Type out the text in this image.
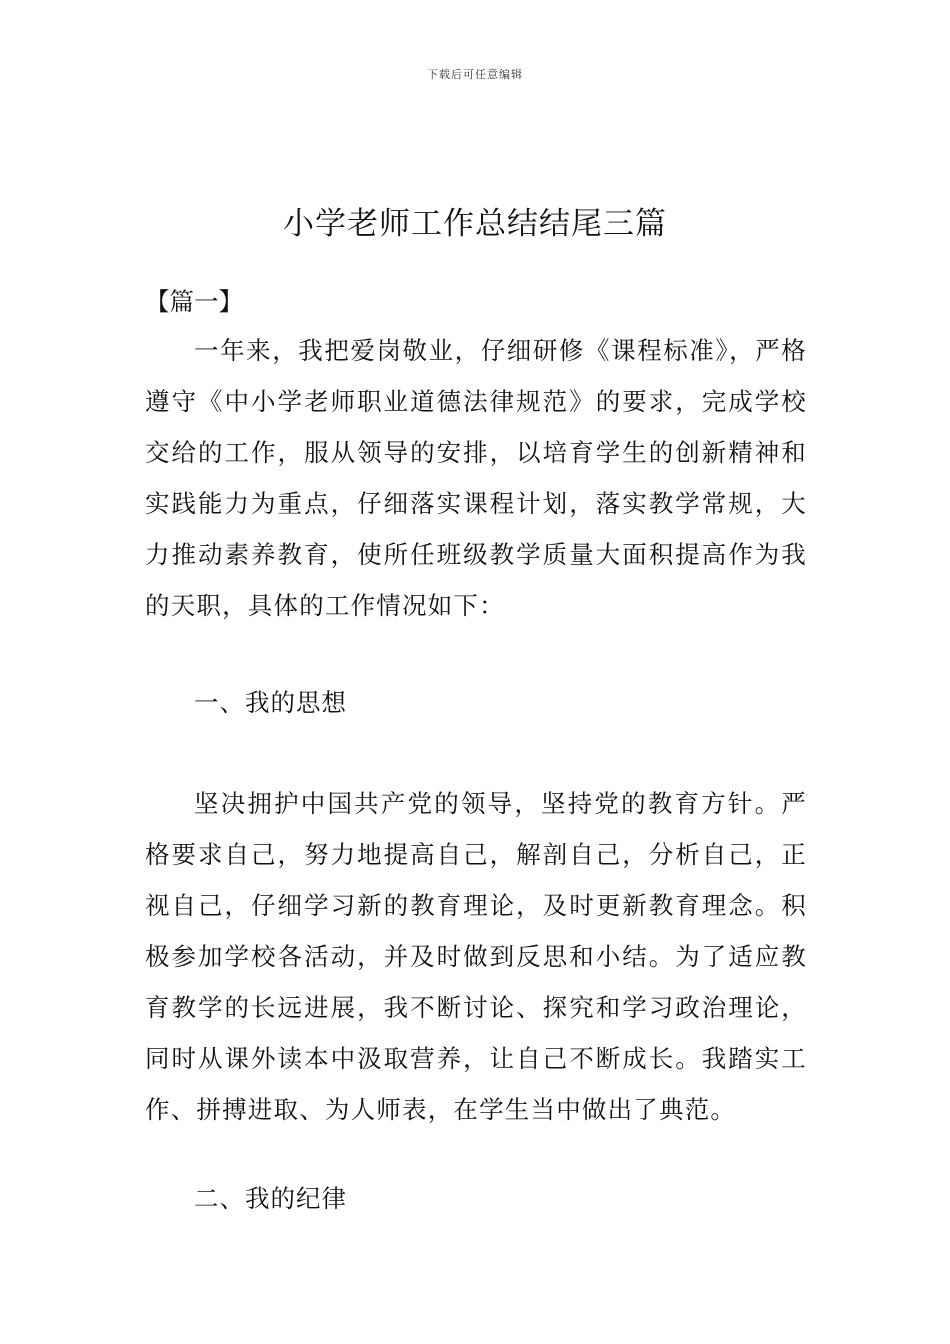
下载后可任意编辑
小学老师工作总结结尾三篇

【篇一】

一年来，我把爱岗敬业，仔细研修《课程标准》，严格遵守《中小学老师职业道德法律规范》的要求，完成学校交给的工作，服从领导的安排，以培育学生的创新精神和实践能力为重点，仔细落实课程计划，落实教学常规，大力推动素养教育，使所任班级教学质量大面积提高作为我的天职，具体的工作情况如下：

一、我的思想

坚决拥护中国共产党的领导，坚持党的教育方针。严格要求自己，努力地提高自己，解剖自己，分析自己，正视自己，仔细学习新的教育理论，及时更新教育理念。积极参加学校各活动，并及时做到反思和小结。为了适应教育教学的长远进展，我不断讨论、探究和学习政治理论，同时从课外读本中汲取营养，让自己不断成长。我踏实工作、拼搏进取、为人师表，在学生当中做出了典范。

二、我的纪律
